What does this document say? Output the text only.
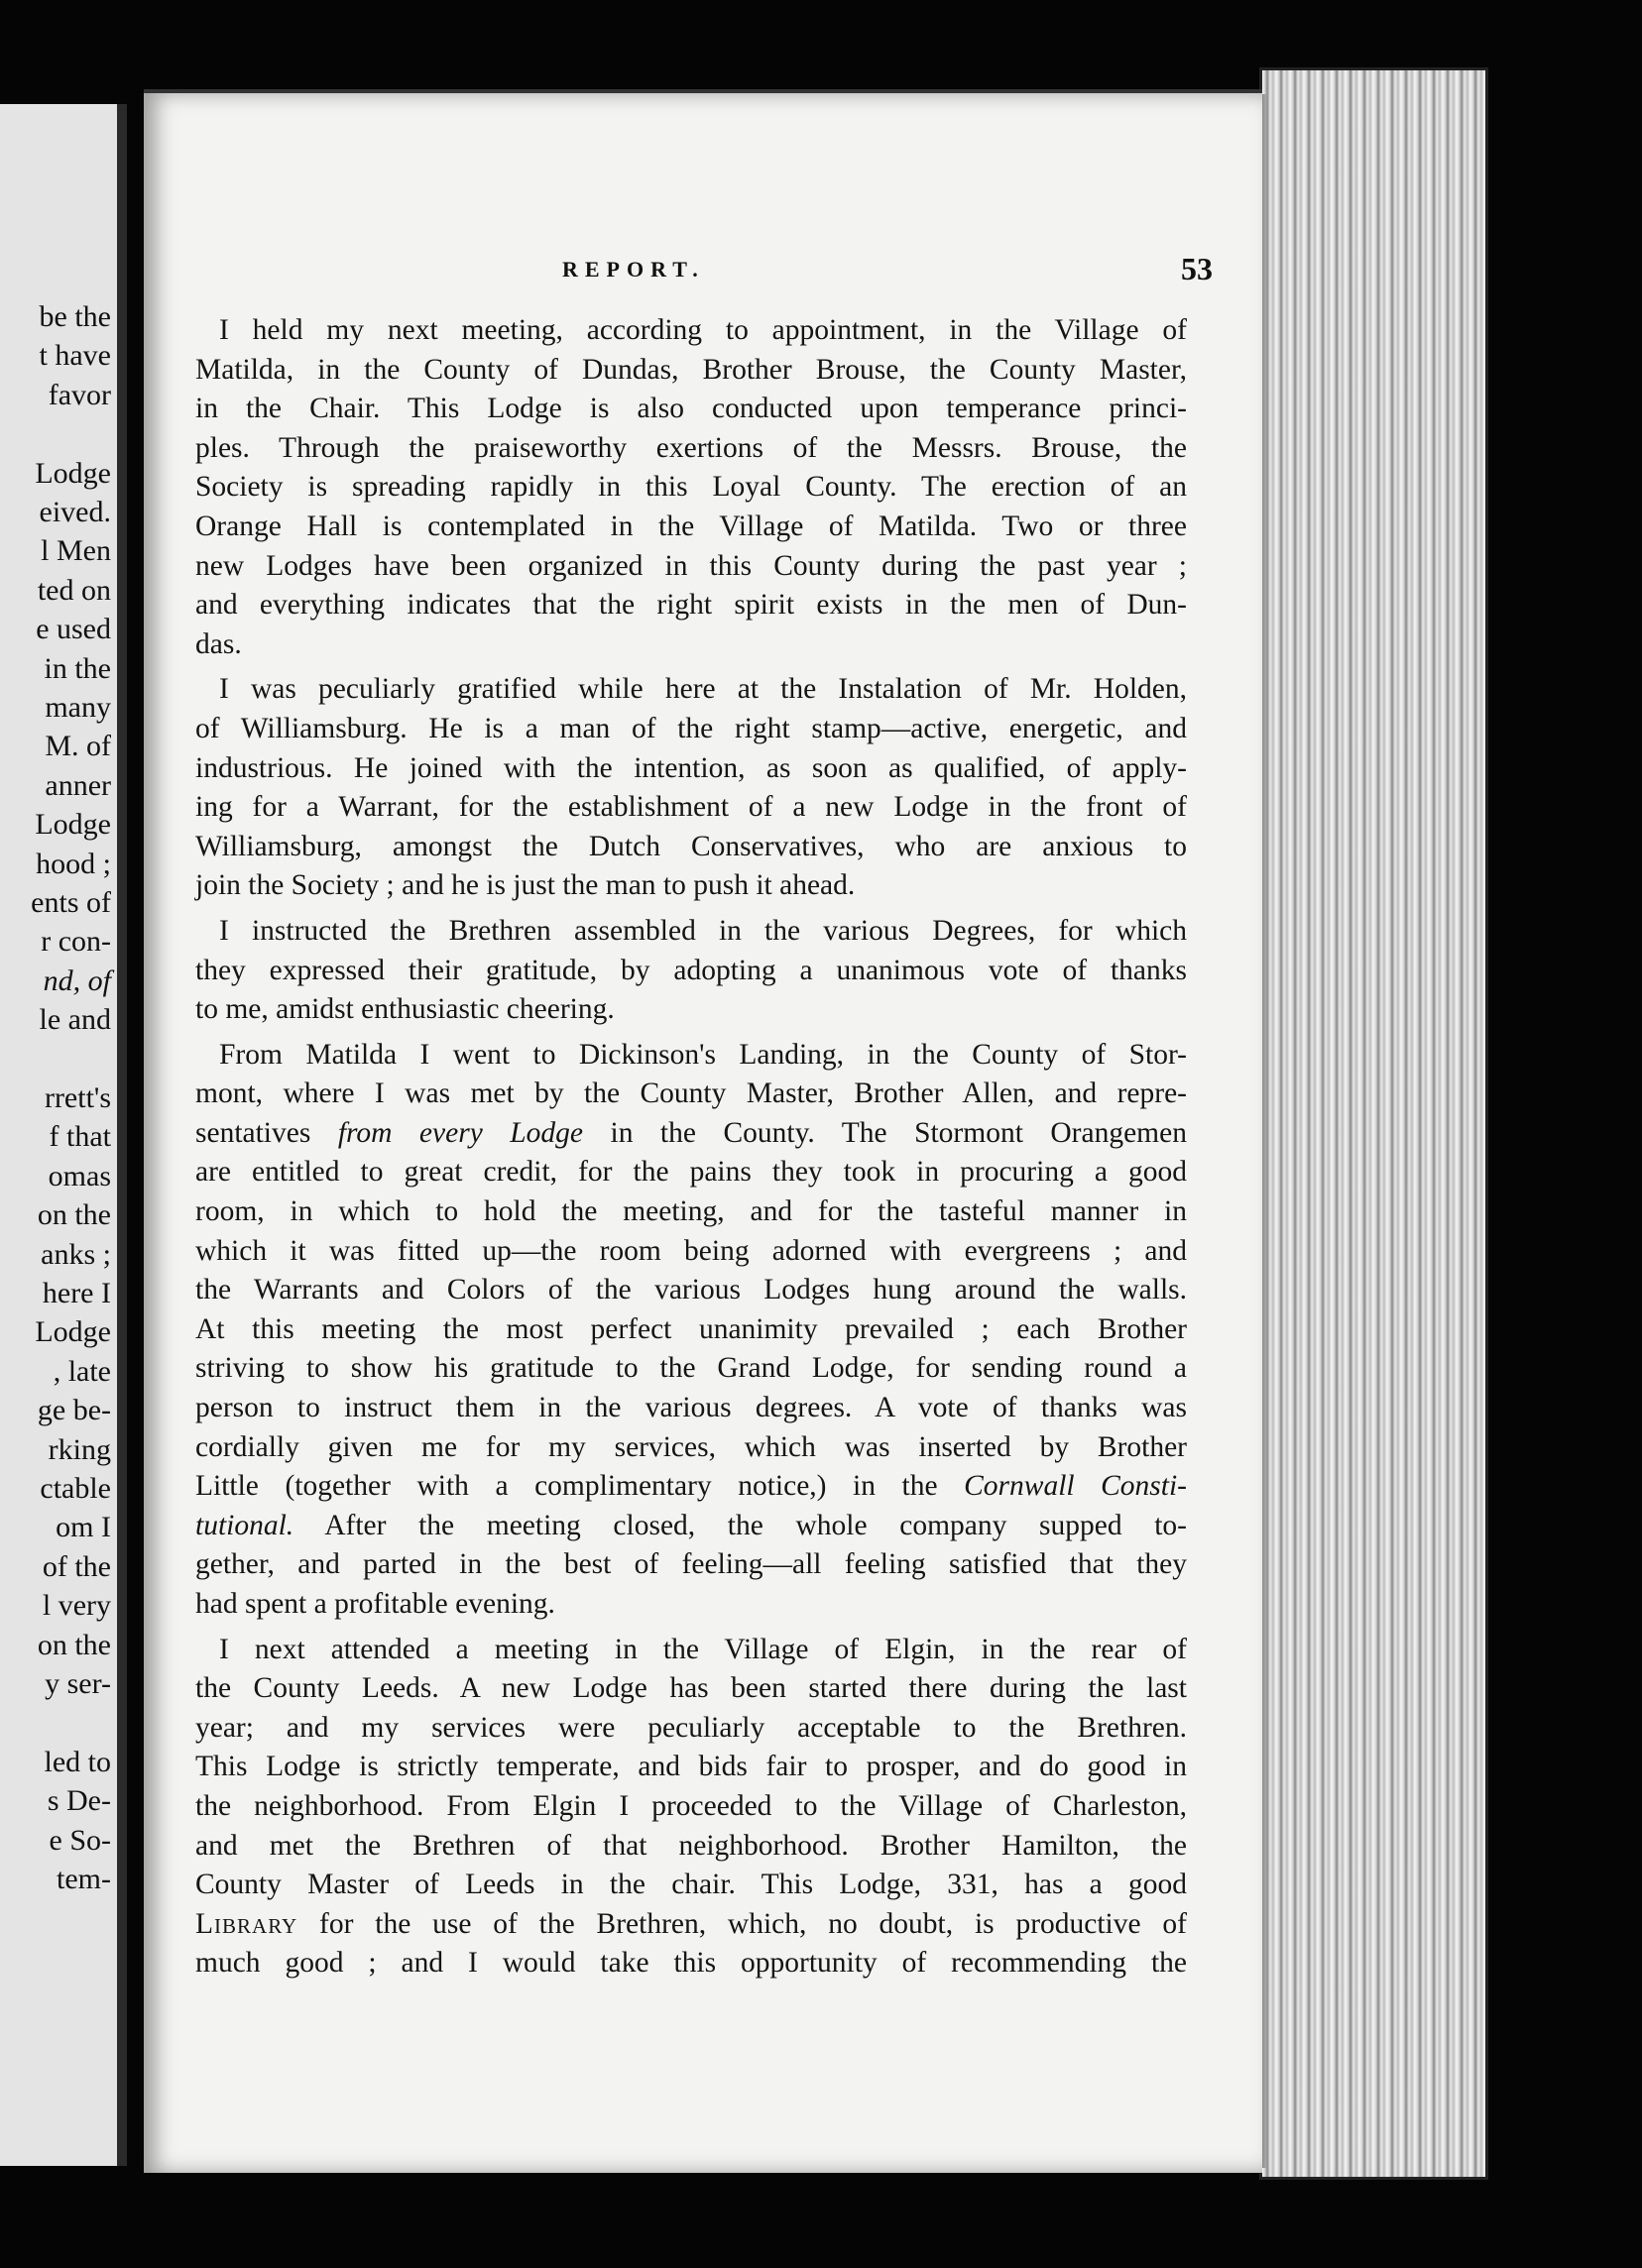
be the
t have
favor
Lodge
eived.
l Men
ted on
e used
in the
many
M. of
anner
Lodge
hood ;
ents of
r con-
nd, of
le and
rrett's
f that
omas
on the
anks ;
here I
Lodge
, late
ge be-
rking
ctable
om I
of the
l very
on the
y ser-
led to
s De-
e So-
tem-
REPORT.	53
I held my next meeting, according to appointment, in the Village of
Matilda, in the County of Dundas, Brother Brouse, the County Master,
in the Chair. This Lodge is also conducted upon temperance princi-
ples. Through the praiseworthy exertions of the Messrs. Brouse, the
Society is spreading rapidly in this Loyal County. The erection of an
Orange Hall is contemplated in the Village of Matilda. Two or three
new Lodges have been organized in this County during the past year ;
and everything indicates that the right spirit exists in the men of Dun-
das.
I was peculiarly gratified while here at the Instalation of Mr. Holden,
of Williamsburg. He is a man of the right stamp—active, energetic, and
industrious. He joined with the intention, as soon as qualified, of apply-
ing for a Warrant, for the establishment of a new Lodge in the front of
Williamsburg, amongst the Dutch Conservatives, who are anxious to
join the Society ; and he is just the man to push it ahead.
I instructed the Brethren assembled in the various Degrees, for which
they expressed their gratitude, by adopting a unanimous vote of thanks
to me, amidst enthusiastic cheering.
From Matilda I went to Dickinson's Landing, in the County of Stor-
mont, where I was met by the County Master, Brother Allen, and repre-
sentatives from every Lodge in the County. The Stormont Orangemen
are entitled to great credit, for the pains they took in procuring a good
room, in which to hold the meeting, and for the tasteful manner in
which it was fitted up—the room being adorned with evergreens ; and
the Warrants and Colors of the various Lodges hung around the walls.
At this meeting the most perfect unanimity prevailed ; each Brother
striving to show his gratitude to the Grand Lodge, for sending round a
person to instruct them in the various degrees. A vote of thanks was
cordially given me for my services, which was inserted by Brother
Little (together with a complimentary notice,) in the Cornwall Consti-
tutional. After the meeting closed, the whole company supped to-
gether, and parted in the best of feeling—all feeling satisfied that they
had spent a profitable evening.
I next attended a meeting in the Village of Elgin, in the rear of
the County Leeds. A new Lodge has been started there during the last
year; and my services were peculiarly acceptable to the Brethren.
This Lodge is strictly temperate, and bids fair to prosper, and do good in
the neighborhood. From Elgin I proceeded to the Village of Charleston,
and met the Brethren of that neighborhood. Brother Hamilton, the
County Master of Leeds in the chair. This Lodge, 331, has a good
Library for the use of the Brethren, which, no doubt, is productive of
much good ; and I would take this opportunity of recommending the
